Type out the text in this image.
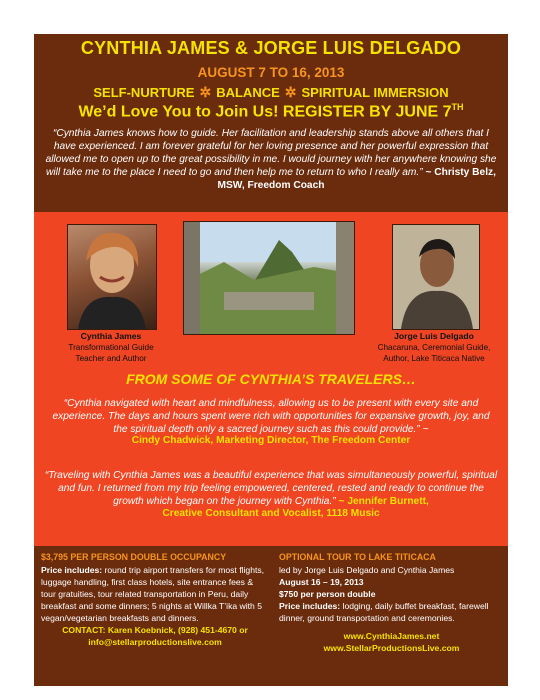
CYNTHIA JAMES & JORGE LUIS DELGADO
AUGUST 7 TO 16, 2013
SELF-NURTURE ✲ BALANCE ✲ SPIRITUAL IMMERSION
We’d Love You to Join Us! REGISTER BY JUNE 7TH
“Cynthia James knows how to guide. Her facilitation and leadership stands above all others that I have experienced. I am forever grateful for her loving presence and her powerful expression that allowed me to open up to the great possibility in me. I would journey with her anywhere knowing she will take me to the place I need to go and then help me to return to who I really am.” ~ Christy Belz, MSW, Freedom Coach
Cynthia James
Transformational Guide
Teacher and Author
Jorge Luis Delgado
Chacaruna, Ceremonial Guide,
Author, Lake Titicaca Native
FROM SOME OF CYNTHIA’S TRAVELERS…
“Cynthia navigated with heart and mindfulness, allowing us to be present with every site and experience. The days and hours spent were rich with opportunities for expansive growth, joy, and the spiritual depth only a sacred journey such as this could provide.” ~
Cindy Chadwick, Marketing Director, The Freedom Center
“Traveling with Cynthia James was a beautiful experience that was simultaneously powerful, spiritual and fun. I returned from my trip feeling empowered, centered, rested and ready to continue the growth which began on the journey with Cynthia.” ~ Jennifer Burnett,
Creative Consultant and Vocalist, 1118 Music
$3,795 PER PERSON DOUBLE OCCUPANCY
Price includes: round trip airport transfers for most flights, luggage handling, first class hotels, site entrance fees & tour gratuities, tour related transportation in Peru, daily breakfast and some dinners; 5 nights at Willka T’ika with 5 vegan/vegetarian breakfasts and dinners.
CONTACT: Karen Koebnick, (928) 451-4670 or info@stellarproductionslive.com
OPTIONAL TOUR TO LAKE TITICACA
led by Jorge Luis Delgado and Cynthia James
August 16 – 19, 2013
$750 per person double
Price includes: lodging, daily buffet breakfast, farewell dinner, ground transportation and ceremonies.
www.CynthiaJames.net
www.StellarProductionsLive.com
